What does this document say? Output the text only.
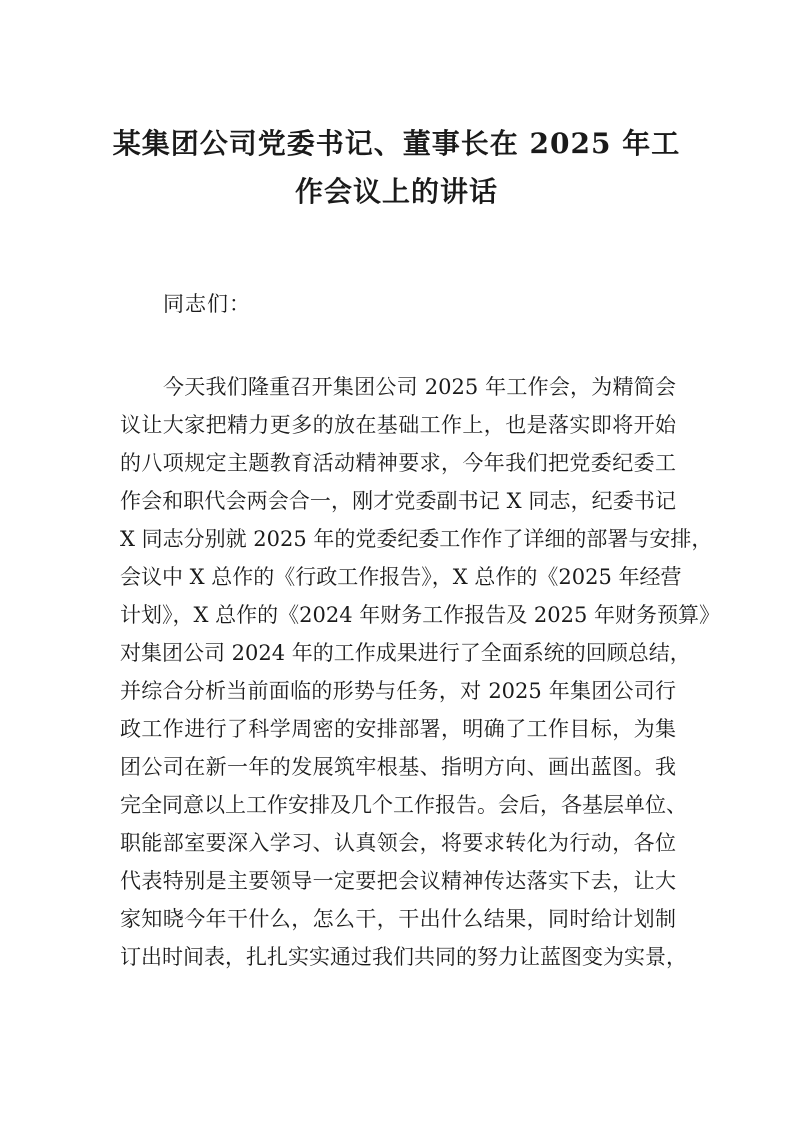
某集团公司党委书记、董事长在 2025 年工
作会议上的讲话

同志们：

今天我们隆重召开集团公司 2025 年工作会，为精简会
议让大家把精力更多的放在基础工作上，也是落实即将开始
的八项规定主题教育活动精神要求，今年我们把党委纪委工
作会和职代会两会合一，刚才党委副书记 X 同志，纪委书记
X 同志分别就 2025 年的党委纪委工作作了详细的部署与安排，
会议中 X 总作的《行政工作报告》，X 总作的《2025 年经营
计划》，X 总作的《2024 年财务工作报告及 2025 年财务预算》
对集团公司 2024 年的工作成果进行了全面系统的回顾总结，
并综合分析当前面临的形势与任务，对 2025 年集团公司行
政工作进行了科学周密的安排部署，明确了工作目标，为集
团公司在新一年的发展筑牢根基、指明方向、画出蓝图。我
完全同意以上工作安排及几个工作报告。会后，各基层单位、
职能部室要深入学习、认真领会，将要求转化为行动，各位
代表特别是主要领导一定要把会议精神传达落实下去，让大
家知晓今年干什么，怎么干，干出什么结果，同时给计划制
订出时间表，扎扎实实通过我们共同的努力让蓝图变为实景，
